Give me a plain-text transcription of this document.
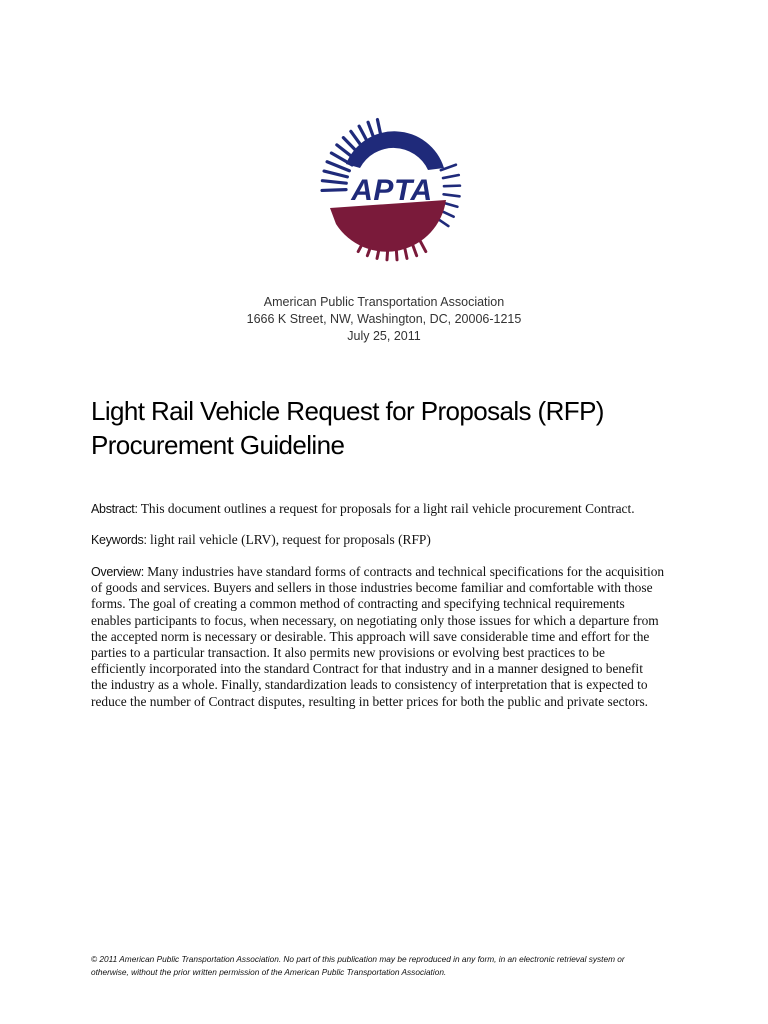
APTA
American Public Transportation Association
1666 K Street, NW, Washington, DC, 20006-1215
July 25, 2011
Light Rail Vehicle Request for Proposals (RFP)
Procurement Guideline

Abstract: This document outlines a request for proposals for a light rail vehicle procurement Contract.

Keywords: light rail vehicle (LRV), request for proposals (RFP)

Overview: Many industries have standard forms of contracts and technical specifications for the acquisition
of goods and services. Buyers and sellers in those industries become familiar and comfortable with those
forms. The goal of creating a common method of contracting and specifying technical requirements
enables participants to focus, when necessary, on negotiating only those issues for which a departure from
the accepted norm is necessary or desirable. This approach will save considerable time and effort for the
parties to a particular transaction. It also permits new provisions or evolving best practices to be
efficiently incorporated into the standard Contract for that industry and in a manner designed to benefit
the industry as a whole. Finally, standardization leads to consistency of interpretation that is expected to
reduce the number of Contract disputes, resulting in better prices for both the public and private sectors.
© 2011 American Public Transportation Association. No part of this publication may be reproduced in any form, in an electronic retrieval system or
otherwise, without the prior written permission of the American Public Transportation Association.
